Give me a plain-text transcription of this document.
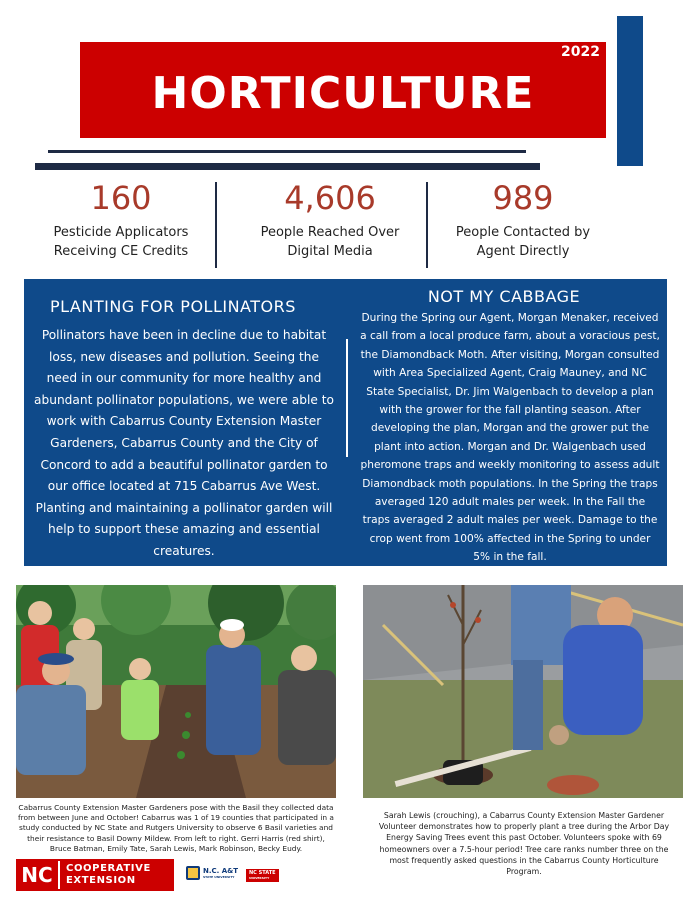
2022
HORTICULTURE
160
Pesticide Applicators
Receiving CE Credits
4,606
People Reached Over
Digital Media
989
People Contacted by
Agent Directly
PLANTING FOR POLLINATORS

Pollinators have been in decline due to habitat loss, new diseases and pollution. Seeing the need in our community for more healthy and abundant pollinator populations, we were able to work with Cabarrus County Extension Master Gardeners, Cabarrus County and the City of Concord to add a beautiful pollinator garden to our office located at 715 Cabarrus Ave West. Planting and maintaining a pollinator garden will help to support these amazing and essential creatures.

NOT MY CABBAGE

During the Spring our Agent, Morgan Menaker, received a call from a local produce farm, about a voracious pest, the Diamondback Moth. After visiting, Morgan consulted with Area Specialized Agent, Craig Mauney, and NC State Specialist, Dr. Jim Walgenbach to develop a plan with the grower for the fall planting season. After developing the plan, Morgan and the grower put the plant into action. Morgan and Dr. Walgenbach used pheromone traps and weekly monitoring to assess adult Diamondback moth populations. In the Spring the traps averaged 120 adult males per week. In the Fall the traps averaged 2 adult males per week. Damage to the crop went from 100% affected in the Spring to under 5% in the fall.

Cabarrus County Extension Master Gardeners pose with the Basil they collected data from between June and October! Cabarrus was 1 of 19 counties that participated in a study conducted by NC State and Rutgers University to observe 6 Basil varieties and their resistance to Basil Downy Mildew. From left to right. Gerri Harris (red shirt), Bruce Batman, Emily Tate, Sarah Lewis, Mark Robinson, Becky Eudy.

Sarah Lewis (crouching), a Cabarrus County Extension Master Gardener Volunteer demonstrates how to properly plant a tree during the Arbor Day Energy Saving Trees event this past October. Volunteers spoke with 69 homeowners over a 7.5-hour period! Tree care ranks number three on the most frequently asked questions in the Cabarrus County Horticulture Program.

NC	COOPERATIVE
EXTENSION
N.C. A&T
STATE UNIVERSITY
NC STATE
UNIVERSITY
